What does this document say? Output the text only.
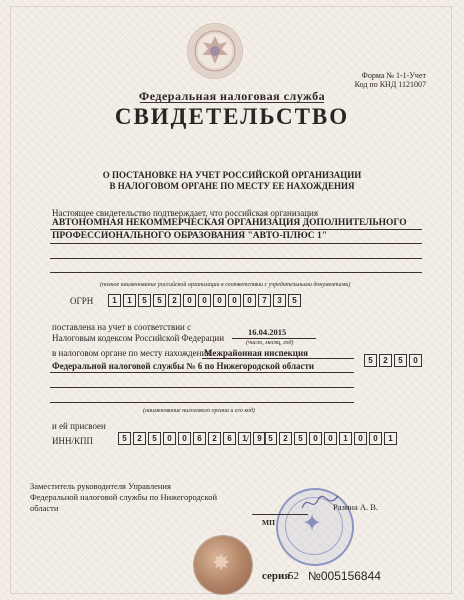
Форма № 1-1-Учет

Код по КНД 1121007

Федеральная налоговая служба

СВИДЕТЕЛЬСТВО

О ПОСТАНОВКЕ НА УЧЕТ РОССИЙСКОЙ ОРГАНИЗАЦИИ

В НАЛОГОВОМ ОРГАНЕ ПО МЕСТУ ЕЕ НАХОЖДЕНИЯ

Настоящее свидетельство подтверждает, что российская организация

АВТОНОМНАЯ НЕКОММЕРЧЕСКАЯ ОРГАНИЗАЦИЯ ДОПОЛНИТЕЛЬНОГО

ПРОФЕССИОНАЛЬНОГО ОБРАЗОВАНИЯ "АВТО-ПЛЮС 1"

(полное наименование российской организации в соответствии с учредительными документами)

ОГРН	1	1	5	5	2	0	0	0	0	0	7	3	5

поставлена на учет в соответствии с

Налоговым кодексом Российской Федерации

16.04.2015

(число, месяц, год)

в налоговом органе по месту нахождения

Межрайонная инспекция

Федеральной налоговой службы № 6 по Нижегородской области

5	2	5	0

(наименование налогового органа и его код)

и ей присвоен

ИНН/КПП	5	2	5	0	0	6	2	6	1	9

/	5	2	5	0	0	1	0	0	1

Заместитель руководителя Управления

Федеральной налоговой службы по Нижегородской

области

✦

Разина А. В.

МП

✸

серия

52 №005156844
